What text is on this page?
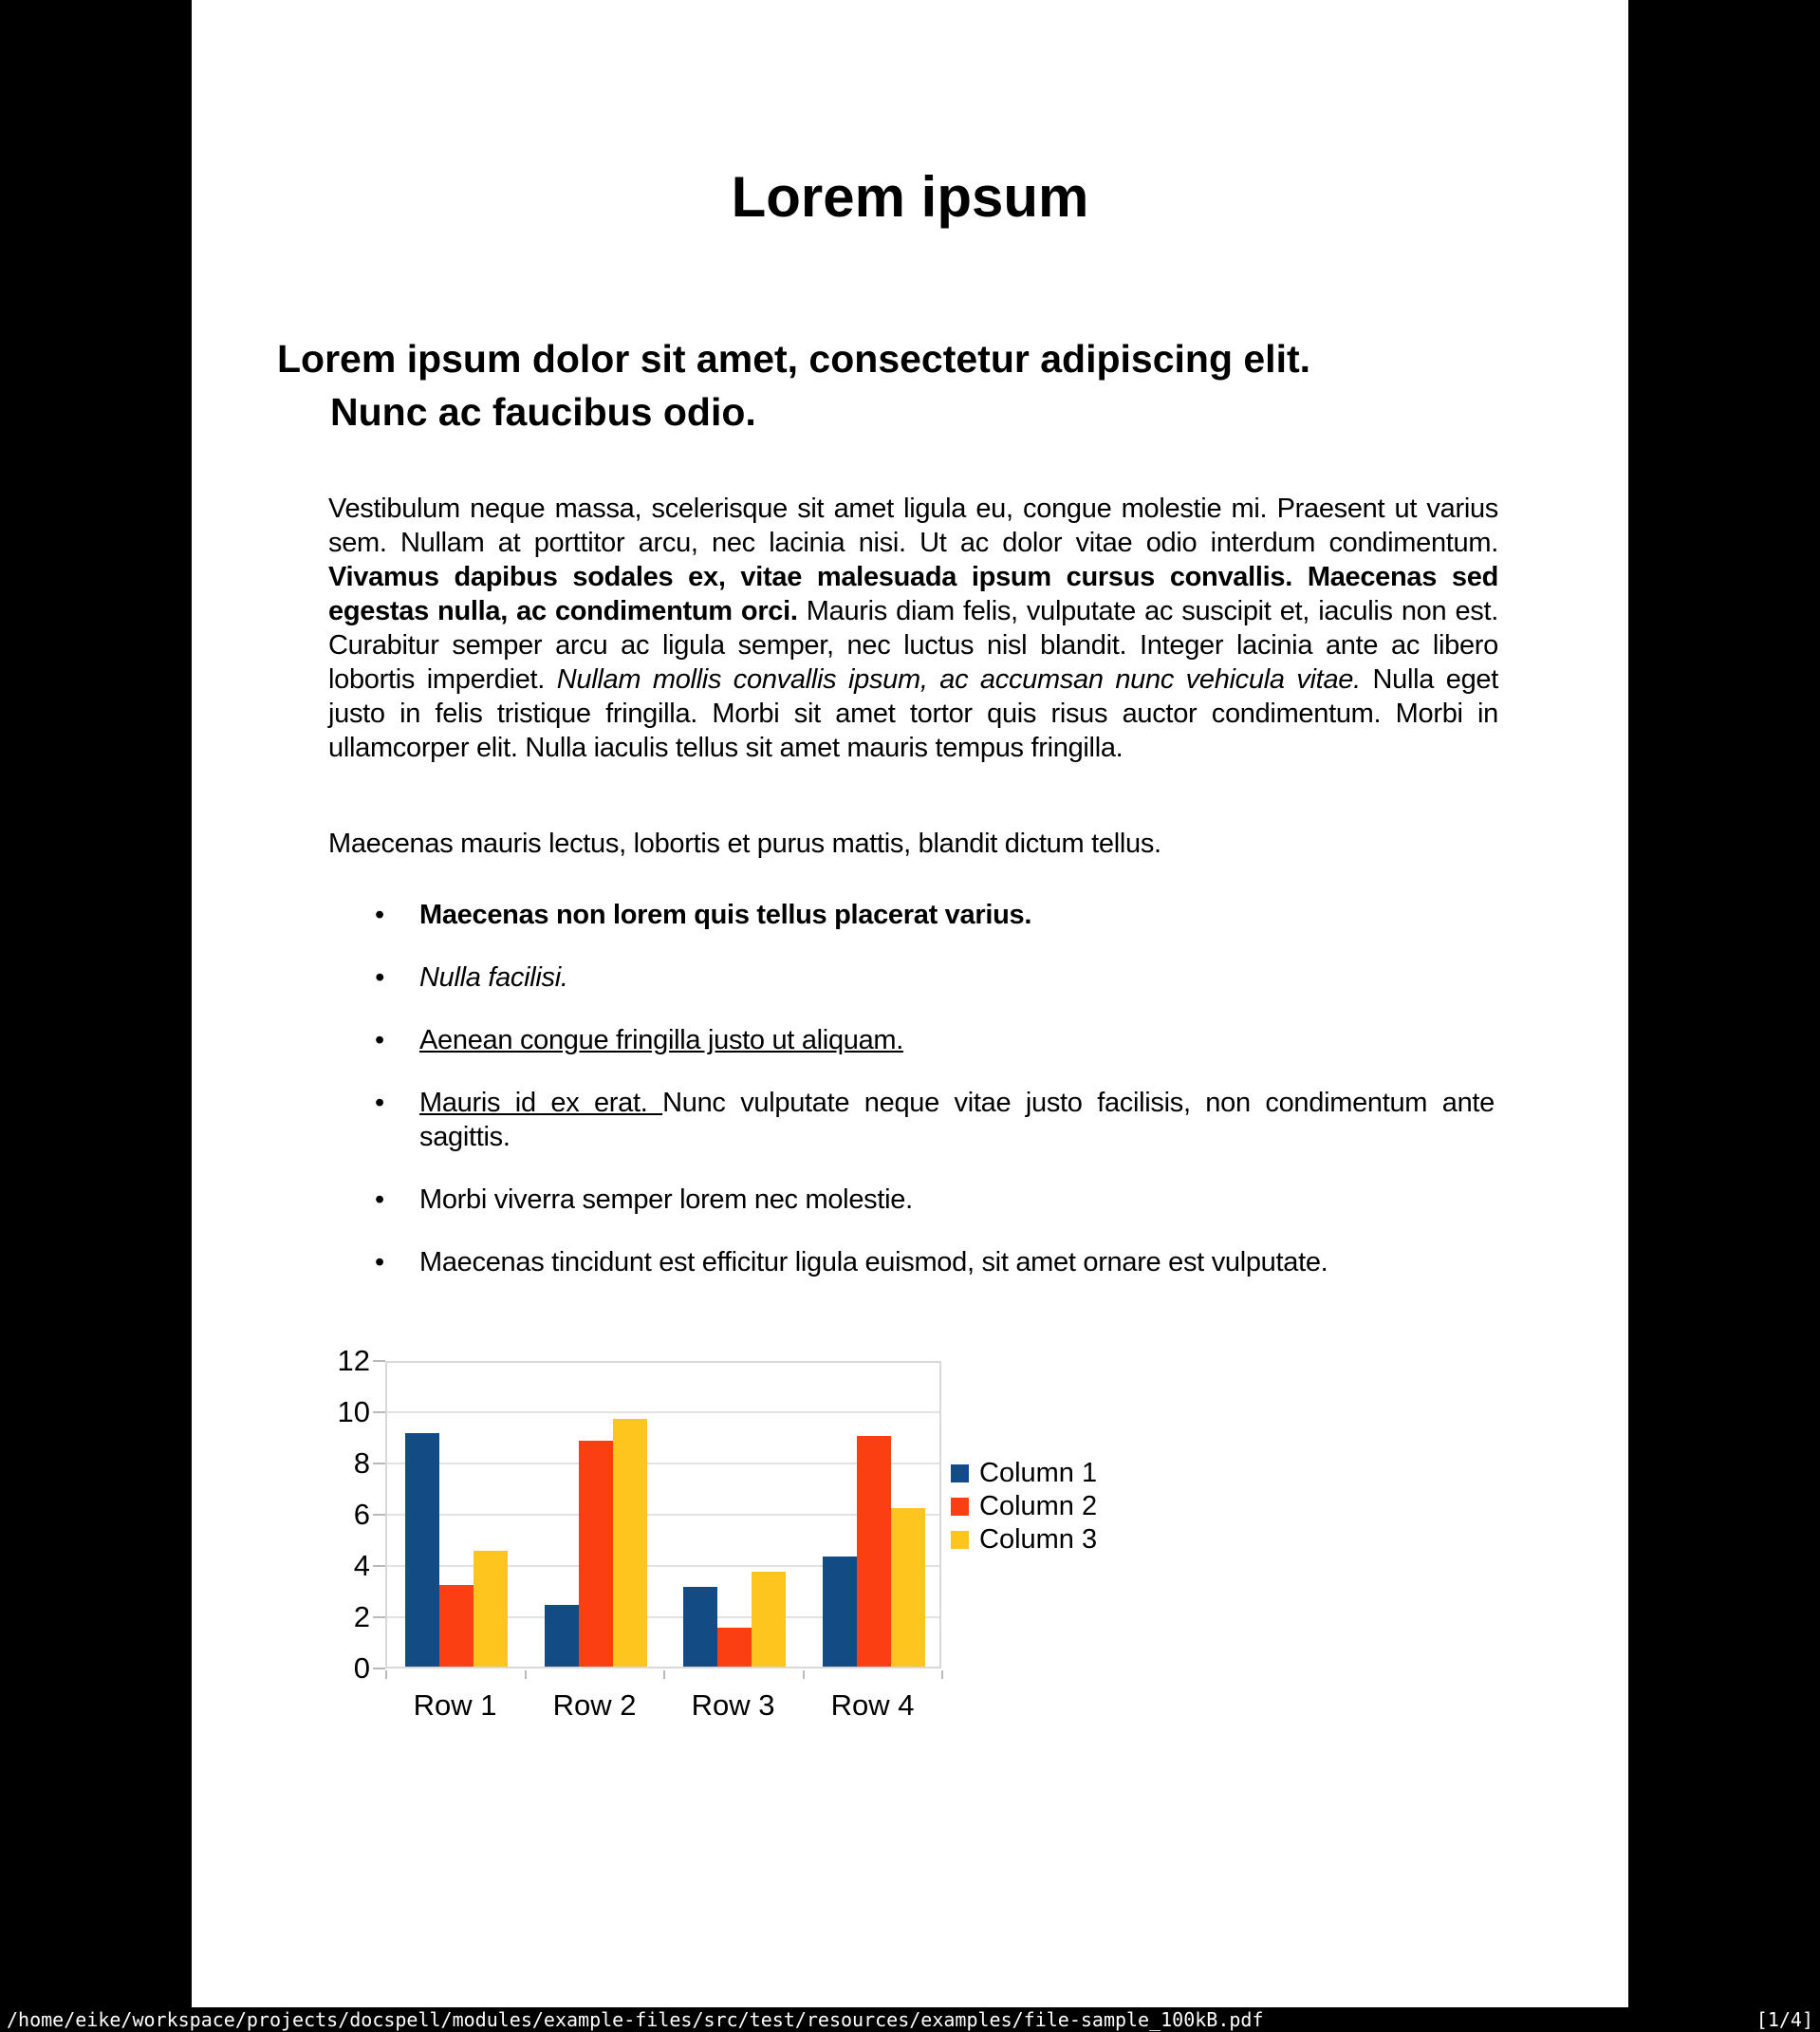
Lorem ipsum
Lorem ipsum dolor sit amet, consectetur adipiscing elit.
Nunc ac faucibus odio.

Vestibulum neque massa, scelerisque sit amet ligula eu, congue molestie mi. Praesent ut varius sem. Nullam at porttitor arcu, nec lacinia nisi. Ut ac dolor vitae odio interdum condimentum. Vivamus dapibus sodales ex, vitae malesuada ipsum cursus convallis. Maecenas sed egestas nulla, ac condimentum orci. Mauris diam felis, vulputate ac suscipit et, iaculis non est. Curabitur semper arcu ac ligula semper, nec luctus nisl blandit. Integer lacinia ante ac libero lobortis imperdiet. Nullam mollis convallis ipsum, ac accumsan nunc vehicula vitae. Nulla eget justo in felis tristique fringilla. Morbi sit amet tortor quis risus auctor condimentum. Morbi in ullamcorper elit. Nulla iaculis tellus sit amet mauris tempus fringilla.

Maecenas mauris lectus, lobortis et purus mattis, blandit dictum tellus.

•	Maecenas non lorem quis tellus placerat varius.
•	Nulla facilisi.
•	Aenean congue fringilla justo ut aliquam.
•	Mauris id ex erat. Nunc vulputate neque vitae justo facilisis, non condimentum ante sagittis.
•	Morbi viverra semper lorem nec molestie.
•	Maecenas tincidunt est efficitur ligula euismod, sit amet ornare est vulputate.
0
2
4
6
8
10
12
Row 1	Row 2	Row 3	Row 4
Column 1
Column 2
Column 3
/home/eike/workspace/projects/docspell/modules/example-files/src/test/resources/examples/file-sample_100kB.pdf	[1/4]
